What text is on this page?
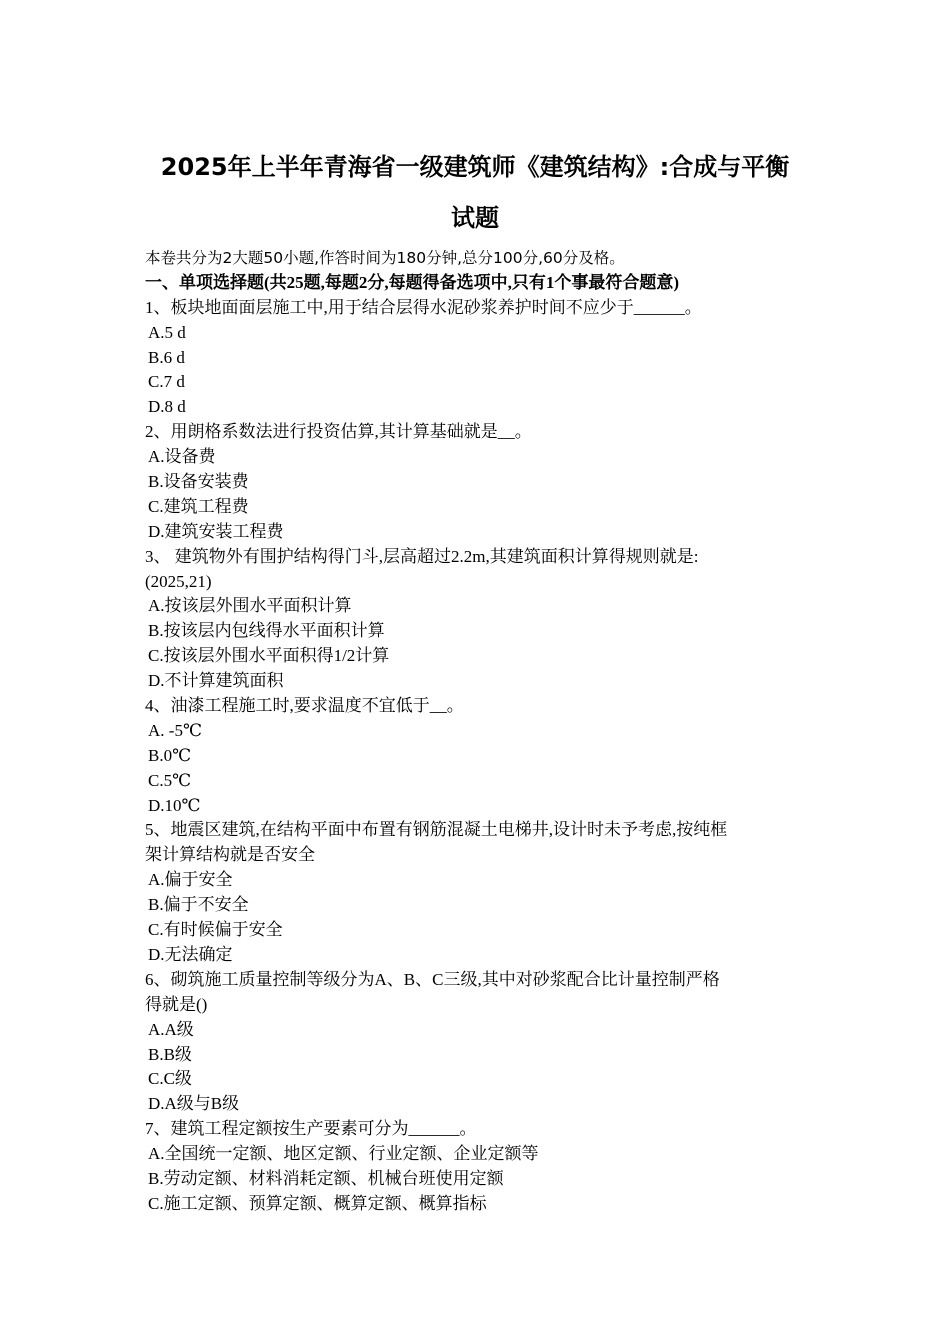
2025年上半年青海省一级建筑师《建筑结构》:合成与平衡
试题
本卷共分为2大题50小题,作答时间为180分钟,总分100分,60分及格。
一、单项选择题(共25题,每题2分,每题得备选项中,只有1个事最符合题意)
1、板块地面面层施工中,用于结合层得水泥砂浆养护时间不应少于______。
A.5 d
B.6 d
C.7 d
D.8 d
2、用朗格系数法进行投资估算,其计算基础就是__。
A.设备费
B.设备安装费
C.建筑工程费
D.建筑安装工程费
3、 建筑物外有围护结构得门斗,层高超过2.2m,其建筑面积计算得规则就是:
(2025,21)
A.按该层外围水平面积计算
B.按该层内包线得水平面积计算
C.按该层外围水平面积得1/2计算
D.不计算建筑面积
4、油漆工程施工时,要求温度不宜低于__。
A. -5℃
B.0℃
C.5℃
D.10℃
5、地震区建筑,在结构平面中布置有钢筋混凝土电梯井,设计时未予考虑,按纯框
架计算结构就是否安全
A.偏于安全
B.偏于不安全
C.有时候偏于安全
D.无法确定
6、砌筑施工质量控制等级分为A、B、C三级,其中对砂浆配合比计量控制严格
得就是()
A.A级
B.B级
C.C级
D.A级与B级
7、建筑工程定额按生产要素可分为______。
A.全国统一定额、地区定额、行业定额、企业定额等
B.劳动定额、材料消耗定额、机械台班使用定额
C.施工定额、预算定额、概算定额、概算指标
